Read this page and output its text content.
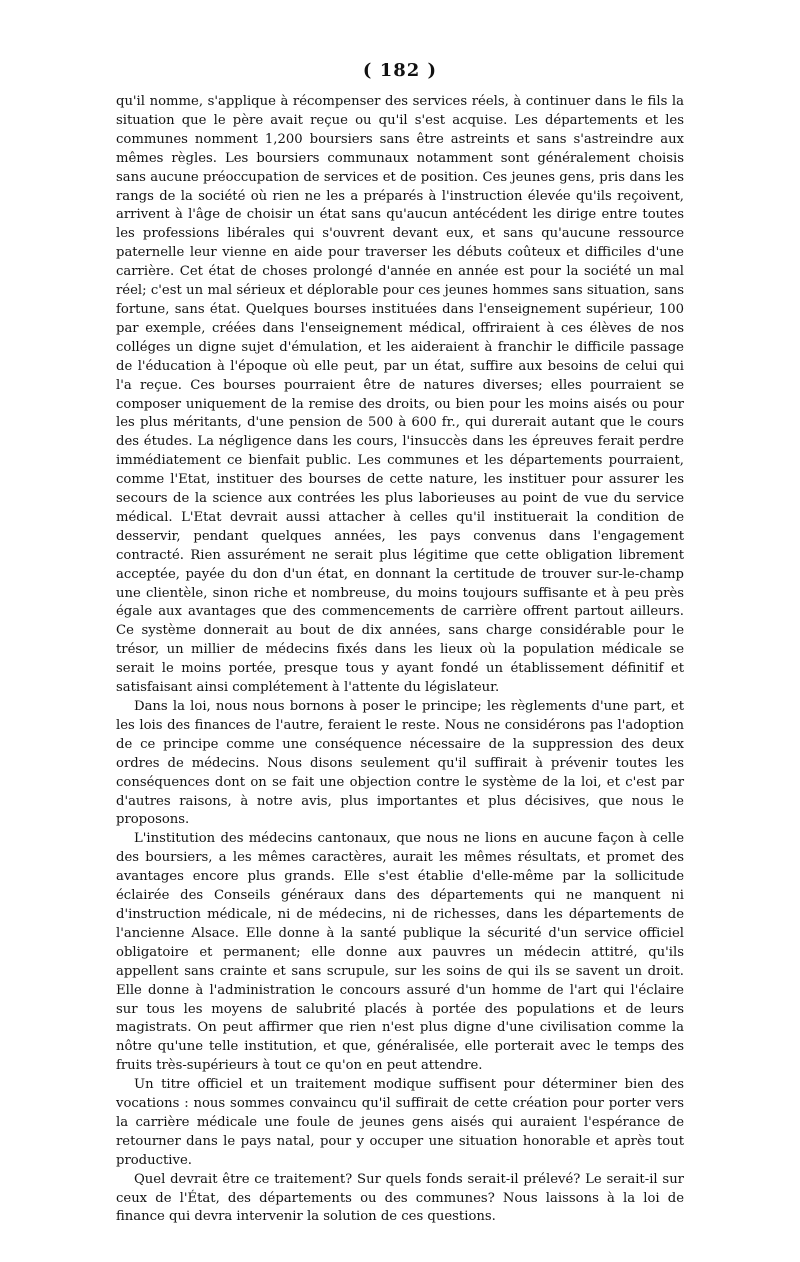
( 182 )

qu'il nomme, s'applique à récompenser des services réels, à continuer dans le fils la situation que le père avait reçue ou qu'il s'est acquise. Les départements et les communes nomment 1,200 boursiers sans être astreints et sans s'astreindre aux mêmes règles. Les boursiers communaux notamment sont généralement choisis sans aucune préoccupation de services et de position. Ces jeunes gens, pris dans les rangs de la société où rien ne les a préparés à l'instruction élevée qu'ils reçoivent, arrivent à l'âge de choisir un état sans qu'aucun antécédent les dirige entre toutes les professions libérales qui s'ouvrent devant eux, et sans qu'aucune ressource paternelle leur vienne en aide pour traverser les débuts coûteux et difficiles d'une carrière. Cet état de choses prolongé d'année en année est pour la société un mal réel; c'est un mal sérieux et déplorable pour ces jeunes hommes sans situation, sans fortune, sans état. Quelques bourses instituées dans l'enseignement supérieur, 100 par exemple, créées dans l'enseignement médical, offriraient à ces élèves de nos colléges un digne sujet d'émulation, et les aideraient à franchir le difficile passage de l'éducation à l'époque où elle peut, par un état, suffire aux besoins de celui qui l'a reçue. Ces bourses pourraient être de natures diverses; elles pourraient se composer uniquement de la remise des droits, ou bien pour les moins aisés ou pour les plus méritants, d'une pension de 500 à 600 fr., qui durerait autant que le cours des études. La négligence dans les cours, l'insuccès dans les épreuves ferait perdre immédiatement ce bienfait public. Les communes et les départements pourraient, comme l'Etat, instituer des bourses de cette nature, les instituer pour assurer les secours de la science aux contrées les plus laborieuses au point de vue du service médical. L'Etat devrait aussi attacher à celles qu'il instituerait la condition de desservir, pendant quelques années, les pays convenus dans l'engagement contracté. Rien assurément ne serait plus légitime que cette obligation librement acceptée, payée du don d'un état, en donnant la certitude de trouver sur-le-champ une clientèle, sinon riche et nombreuse, du moins toujours suffisante et à peu près égale aux avantages que des commencements de carrière offrent partout ailleurs. Ce système donnerait au bout de dix années, sans charge considérable pour le trésor, un millier de médecins fixés dans les lieux où la population médicale se serait le moins portée, presque tous y ayant fondé un établissement définitif et satisfaisant ainsi complétement à l'attente du législateur.

Dans la loi, nous nous bornons à poser le principe; les règlements d'une part, et les lois des finances de l'autre, feraient le reste. Nous ne considérons pas l'adoption de ce principe comme une conséquence nécessaire de la suppression des deux ordres de médecins. Nous disons seulement qu'il suffirait à prévenir toutes les conséquences dont on se fait une objection contre le système de la loi, et c'est par d'autres raisons, à notre avis, plus importantes et plus décisives, que nous le proposons.

L'institution des médecins cantonaux, que nous ne lions en aucune façon à celle des boursiers, a les mêmes caractères, aurait les mêmes résultats, et promet des avantages encore plus grands. Elle s'est établie d'elle-même par la sollicitude éclairée des Conseils généraux dans des départements qui ne manquent ni d'instruction médicale, ni de médecins, ni de richesses, dans les départements de l'ancienne Alsace. Elle donne à la santé publique la sécurité d'un service officiel obligatoire et permanent; elle donne aux pauvres un médecin attitré, qu'ils appellent sans crainte et sans scrupule, sur les soins de qui ils se savent un droit. Elle donne à l'administration le concours assuré d'un homme de l'art qui l'éclaire sur tous les moyens de salubrité placés à portée des populations et de leurs magistrats. On peut affirmer que rien n'est plus digne d'une civilisation comme la nôtre qu'une telle institution, et que, généralisée, elle porterait avec le temps des fruits très-supérieurs à tout ce qu'on en peut attendre.

Un titre officiel et un traitement modique suffisent pour déterminer bien des vocations : nous sommes convaincu qu'il suffirait de cette création pour porter vers la carrière médicale une foule de jeunes gens aisés qui auraient l'espérance de retourner dans le pays natal, pour y occuper une situation honorable et après tout productive.

Quel devrait être ce traitement? Sur quels fonds serait-il prélevé? Le serait-il sur ceux de l'État, des départements ou des communes? Nous laissons à la loi de finance qui devra intervenir la solution de ces questions.
